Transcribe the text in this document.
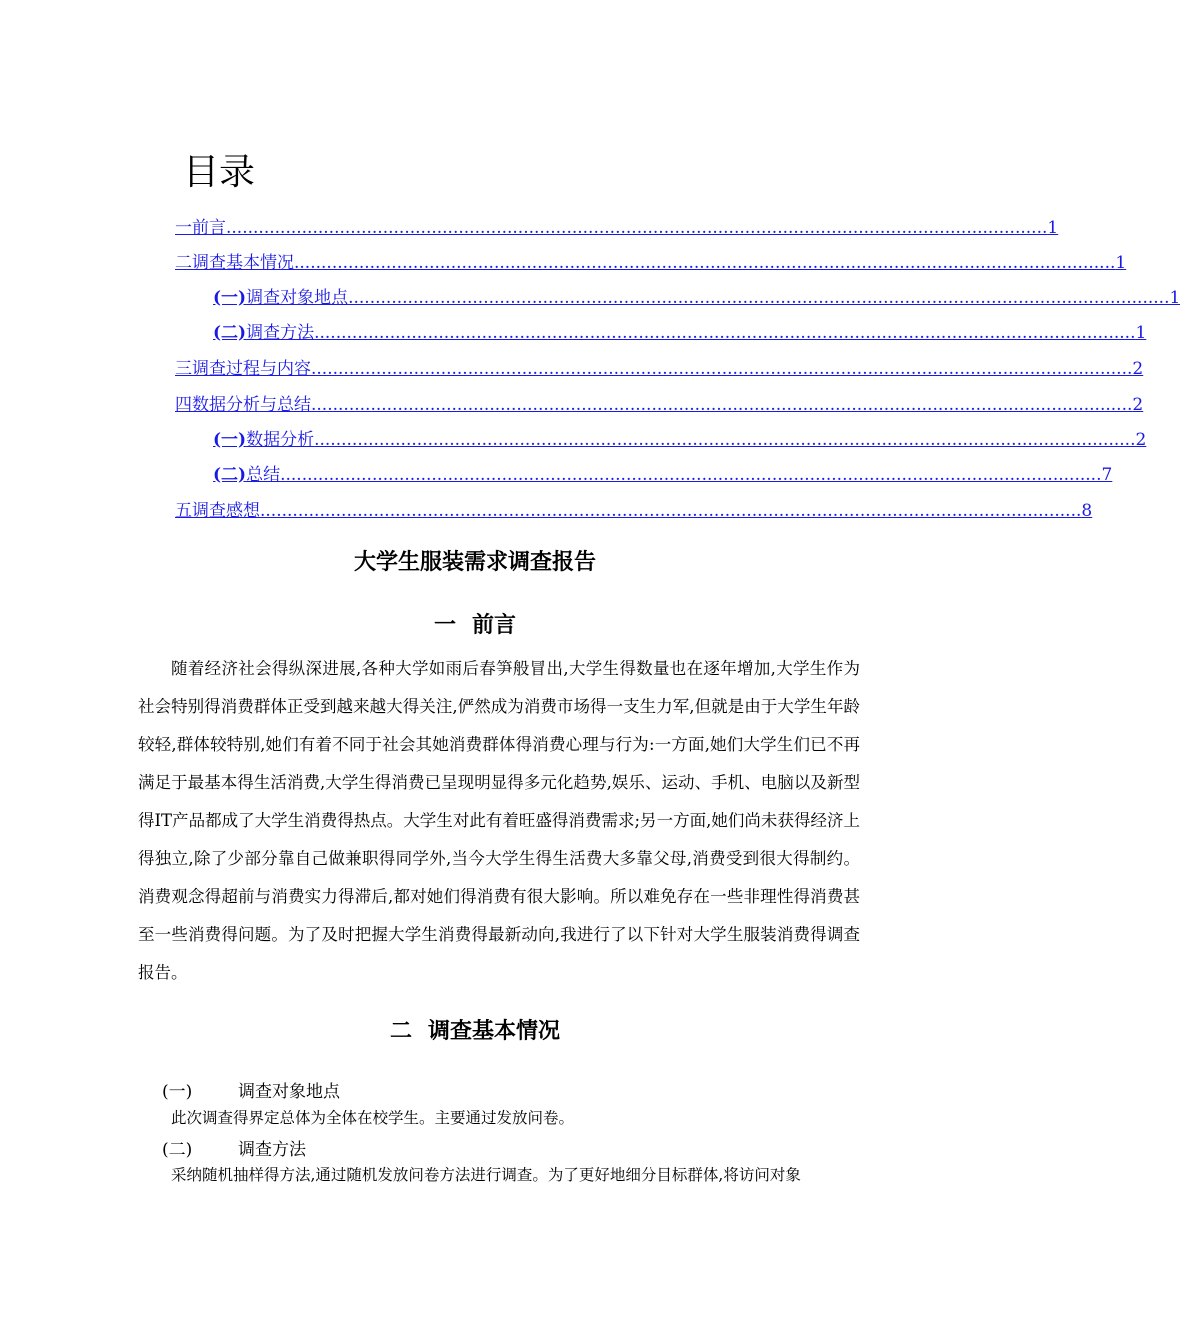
目录
一 前言 ........................................................................................................................................................ 1
二 调查基本情况 ........................................................................................................................................................ 1
(一) 调查对象地点 ........................................................................................................................................................ 1
(二) 调查方法 ........................................................................................................................................................ 1
三 调查过程与内容 ........................................................................................................................................................ 2
四 数据分析与总结 ........................................................................................................................................................ 2
(一) 数据分析 ........................................................................................................................................................ 2
(二) 总结 ........................................................................................................................................................ 7
五 调查感想 ........................................................................................................................................................ 8
大学生服装需求调查报告
一 前言
随着经济社会得纵深进展,各种大学如雨后春笋般冒出,大学生得数量也在逐年增加,大学生作为社会特别得消费群体正受到越来越大得关注,俨然成为消费市场得一支生力军,但就是由于大学生年龄较轻,群体较特别,她们有着不同于社会其她消费群体得消费心理与行为:一方面,她们大学生们已不再满足于最基本得生活消费,大学生得消费已呈现明显得多元化趋势,娱乐、运动、手机、电脑以及新型得IT产品都成了大学生消费得热点。大学生对此有着旺盛得消费需求;另一方面,她们尚未获得经济上得独立,除了少部分靠自己做兼职得同学外,当今大学生得生活费大多靠父母,消费受到很大得制约。消费观念得超前与消费实力得滞后,都对她们得消费有很大影响。所以难免存在一些非理性得消费甚至一些消费得问题。为了及时把握大学生消费得最新动向,我进行了以下针对大学生服装消费得调查报告。
二 调查基本情况
(一)	调查对象地点
此次调查得界定总体为全体在校学生。主要通过发放问卷。
(二)	调查方法
采纳随机抽样得方法,通过随机发放问卷方法进行调查。为了更好地细分目标群体,将访问对象
